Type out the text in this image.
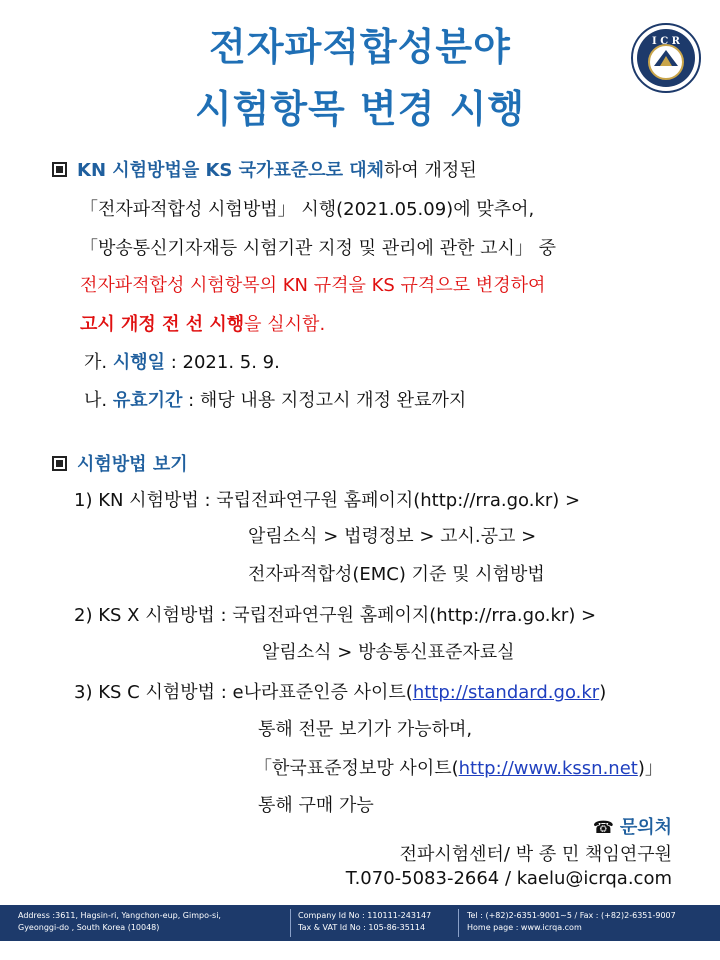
전자파적합성분야
시험항목 변경 시행
I C R
KN 시험방법을 KS 국가표준으로 대체하여 개정된
「전자파적합성 시험방법」 시행(2021.05.09)에 맞추어,
「방송통신기자재등 시험기관 지정 및 관리에 관한 고시」 중
전자파적합성 시험항목의 KN 규격을 KS 규격으로 변경하여
고시 개정 전 선 시행을 실시함.
가. 시행일 : 2021. 5. 9.
나. 유효기간 : 해당 내용 지정고시 개정 완료까지
시험방법 보기
1) KN 시험방법 : 국립전파연구원 홈페이지(http://rra.go.kr) >
알림소식 > 법령정보 > 고시.공고 >
전자파적합성(EMC) 기준 및 시험방법
2) KS X 시험방법 : 국립전파연구원 홈페이지(http://rra.go.kr) >
알림소식 > 방송통신표준자료실
3) KS C 시험방법 : e나라표준인증 사이트(http://standard.go.kr)
통해 전문 보기가 가능하며,
「한국표준정보망 사이트(http://www.kssn.net)」
통해 구매 가능
☎ 문의처
전파시험센터/ 박 종 민 책임연구원
T.070-5083-2664 / kaelu@icrqa.com
Address :3611, Hagsin-ri, Yangchon-eup, Gimpo-si,
Gyeonggi-do , South Korea (10048)
Company Id No : 110111-243147
Tax & VAT Id No : 105-86-35114
Tel : (+82)2-6351-9001~5 / Fax : (+82)2-6351-9007
Home page : www.icrqa.com
